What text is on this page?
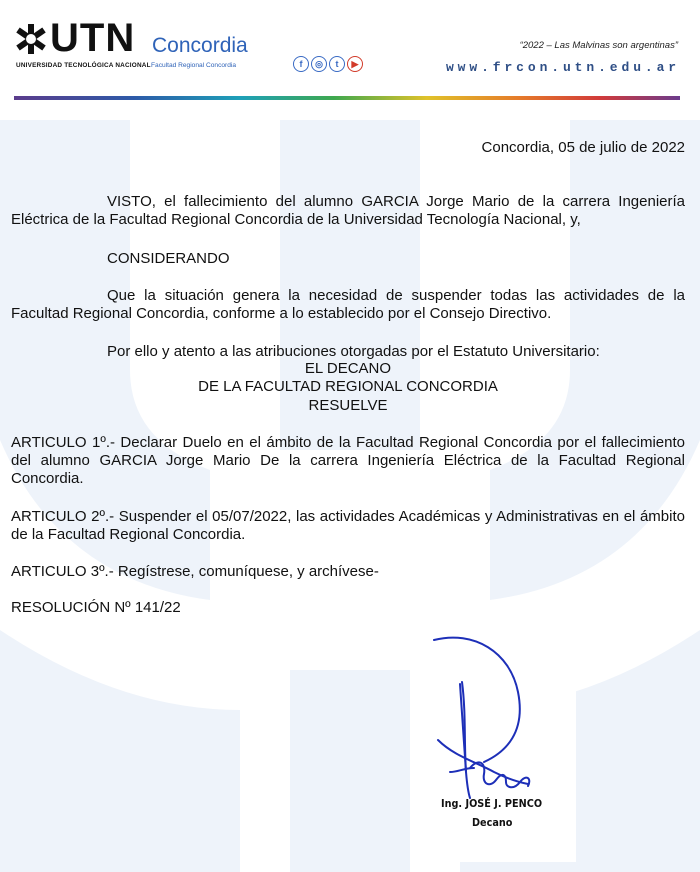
UTN Concordia
UNIVERSIDAD TECNOLÓGICA NACIONAL Facultad Regional Concordia	f	◎	t	▶
“2022 – Las Malvinas son argentinas”
www.frcon.utn.edu.ar
Concordia, 05 de julio de 2022
VISTO, el fallecimiento del alumno GARCIA Jorge Mario de la carrera Ingeniería Eléctrica de la Facultad Regional Concordia de la Universidad Tecnología Nacional, y,
CONSIDERANDO
Que la situación genera la necesidad de suspender todas las actividades de la Facultad Regional Concordia, conforme a lo establecido por el Consejo Directivo.
Por ello y atento a las atribuciones otorgadas por el Estatuto Universitario:
EL DECANO
DE LA FACULTAD REGIONAL CONCORDIA
RESUELVE
ARTICULO 1º.- Declarar Duelo en el ámbito de la Facultad Regional Concordia por el fallecimiento del alumno GARCIA Jorge Mario De la carrera Ingeniería Eléctrica de la Facultad Regional Concordia.
ARTICULO 2º.- Suspender el 05/07/2022, las actividades Académicas y Administrativas en el ámbito de la Facultad Regional Concordia.
ARTICULO 3º.- Regístrese, comuníquese, y archívese-
RESOLUCIÓN Nº 141/22
Ing. JOSÉ J. PENCO
Decano
